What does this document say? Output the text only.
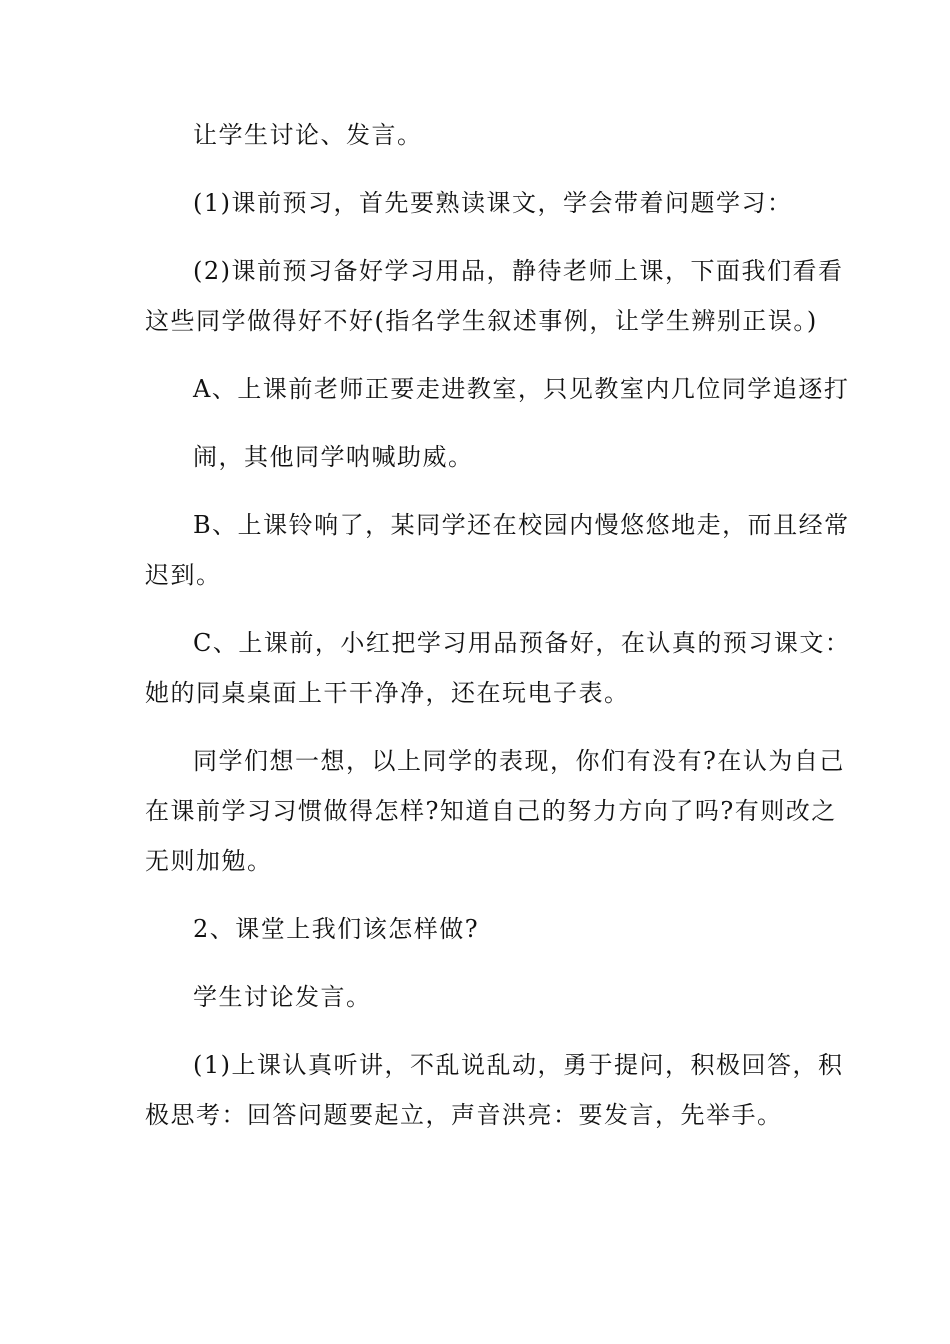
让学生讨论、发言。
(1)课前预习，首先要熟读课文，学会带着问题学习：
(2)课前预习备好学习用品，静待老师上课，下面我们看看
这些同学做得好不好(指名学生叙述事例，让学生辨别正误。)
A、上课前老师正要走进教室，只见教室内几位同学追逐打
闹，其他同学呐喊助威。
B、上课铃响了，某同学还在校园内慢悠悠地走，而且经常
迟到。
C、上课前，小红把学习用品预备好，在认真的预习课文：
她的同桌桌面上干干净净，还在玩电子表。
同学们想一想，以上同学的表现，你们有没有?在认为自己
在课前学习习惯做得怎样?知道自己的努力方向了吗?有则改之
无则加勉。
2、课堂上我们该怎样做?
学生讨论发言。
(1)上课认真听讲，不乱说乱动，勇于提问，积极回答，积
极思考：回答问题要起立，声音洪亮：要发言，先举手。
